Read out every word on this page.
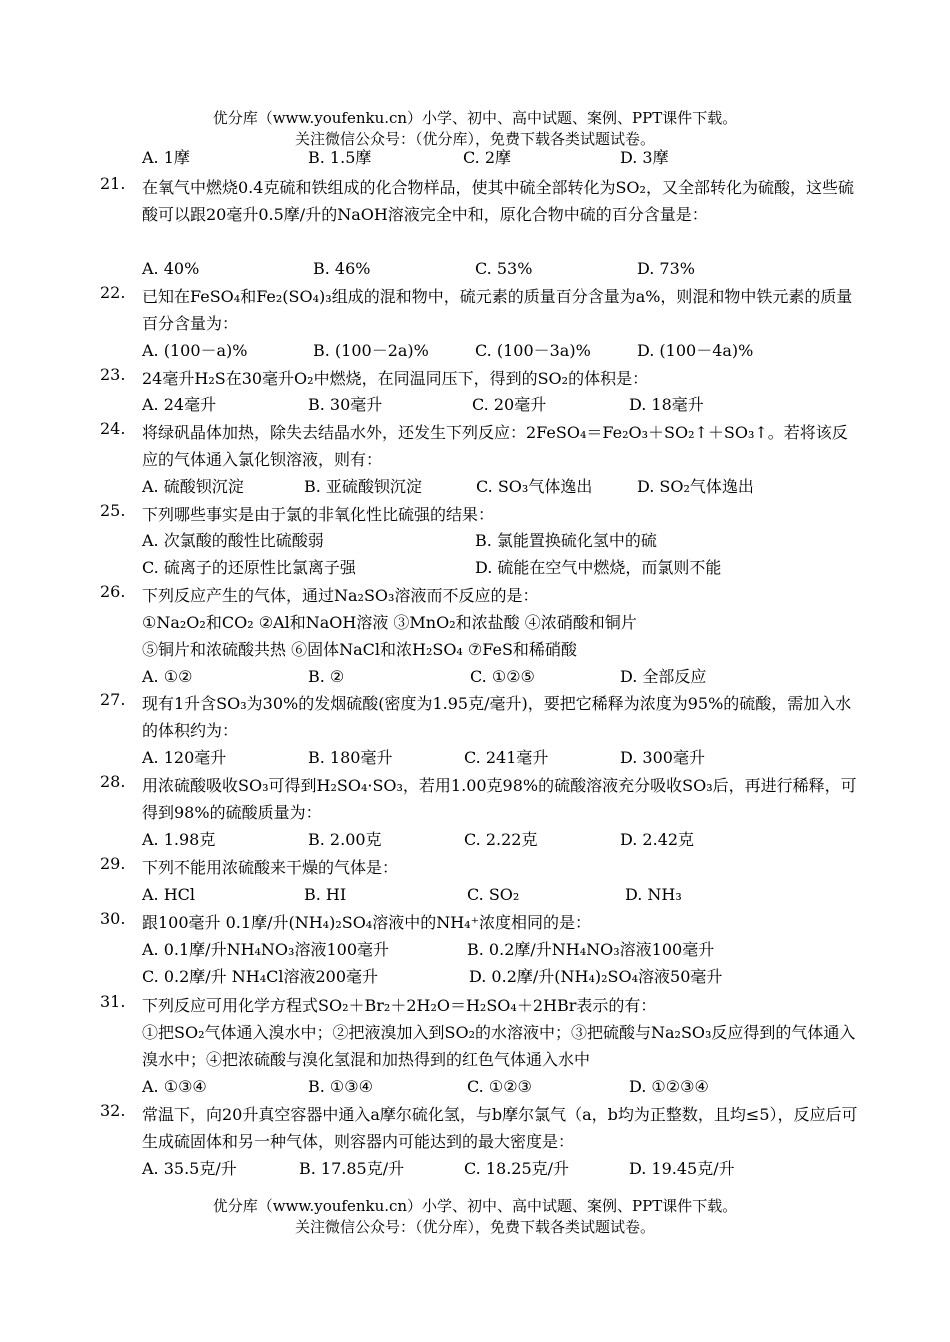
优分库（www.youfenku.cn）小学、初中、高中试题、案例、PPT课件下载。
关注微信公众号：（优分库），免费下载各类试题试卷。
A. 1摩	B. 1.5摩	C. 2摩	D. 3摩
21.	在氧气中燃烧0.4克硫和铁组成的化合物样品，使其中硫全部转化为SO₂，又全部转化为硫酸，这些硫酸可以跟20毫升0.5摩/升的NaOH溶液完全中和，原化合物中硫的百分含量是：
A. 40%	B. 46%	C. 53%	D. 73%
22.	已知在FeSO₄和Fe₂(SO₄)₃组成的混和物中，硫元素的质量百分含量为a%，则混和物中铁元素的质量百分含量为：
A. (100－a)%	B. (100－2a)%	C. (100－3a)%	D. (100－4a)%
23.	24毫升H₂S在30毫升O₂中燃烧，在同温同压下，得到的SO₂的体积是：
A. 24毫升	B. 30毫升	C. 20毫升	D. 18毫升
24.	将绿矾晶体加热，除失去结晶水外，还发生下列反应：2FeSO₄＝Fe₂O₃＋SO₂↑＋SO₃↑。若将该反应的气体通入氯化钡溶液，则有：
A. 硫酸钡沉淀	B. 亚硫酸钡沉淀	C. SO₃气体逸出	D. SO₂气体逸出
25.	下列哪些事实是由于氯的非氧化性比硫强的结果：
A. 次氯酸的酸性比硫酸弱	B. 氯能置换硫化氢中的硫
C. 硫离子的还原性比氯离子强	D. 硫能在空气中燃烧，而氯则不能
26.	下列反应产生的气体，通过Na₂SO₃溶液而不反应的是：
①Na₂O₂和CO₂ ②Al和NaOH溶液 ③MnO₂和浓盐酸 ④浓硝酸和铜片
⑤铜片和浓硫酸共热 ⑥固体NaCl和浓H₂SO₄ ⑦FeS和稀硝酸
A. ①②	B. ②	C. ①②⑤	D. 全部反应
27.	现有1升含SO₃为30%的发烟硫酸(密度为1.95克/毫升)，要把它稀释为浓度为95%的硫酸，需加入水的体积约为：
A. 120毫升	B. 180毫升	C. 241毫升	D. 300毫升
28.	用浓硫酸吸收SO₃可得到H₂SO₄·SO₃，若用1.00克98%的硫酸溶液充分吸收SO₃后，再进行稀释，可得到98%的硫酸质量为：
A. 1.98克	B. 2.00克	C. 2.22克	D. 2.42克
29.	下列不能用浓硫酸来干燥的气体是：
A. HCl	B. HI	C. SO₂	D. NH₃
30.	跟100毫升 0.1摩/升(NH₄)₂SO₄溶液中的NH₄⁺浓度相同的是：
A. 0.1摩/升NH₄NO₃溶液100毫升	B. 0.2摩/升NH₄NO₃溶液100毫升
C. 0.2摩/升 NH₄Cl溶液200毫升	D. 0.2摩/升(NH₄)₂SO₄溶液50毫升
31.	下列反应可用化学方程式SO₂＋Br₂＋2H₂O＝H₂SO₄＋2HBr表示的有：
①把SO₂气体通入溴水中；②把液溴加入到SO₂的水溶液中；③把硫酸与Na₂SO₃反应得到的气体通入溴水中；④把浓硫酸与溴化氢混和加热得到的红色气体通入水中
A. ①③④	B. ①③④	C. ①②③	D. ①②③④
32.	常温下，向20升真空容器中通入a摩尔硫化氢，与b摩尔氯气（a，b均为正整数，且均≤5），反应后可生成硫固体和另一种气体，则容器内可能达到的最大密度是：
A. 35.5克/升	B. 17.85克/升	C. 18.25克/升	D. 19.45克/升
优分库（www.youfenku.cn）小学、初中、高中试题、案例、PPT课件下载。
关注微信公众号：（优分库），免费下载各类试题试卷。
